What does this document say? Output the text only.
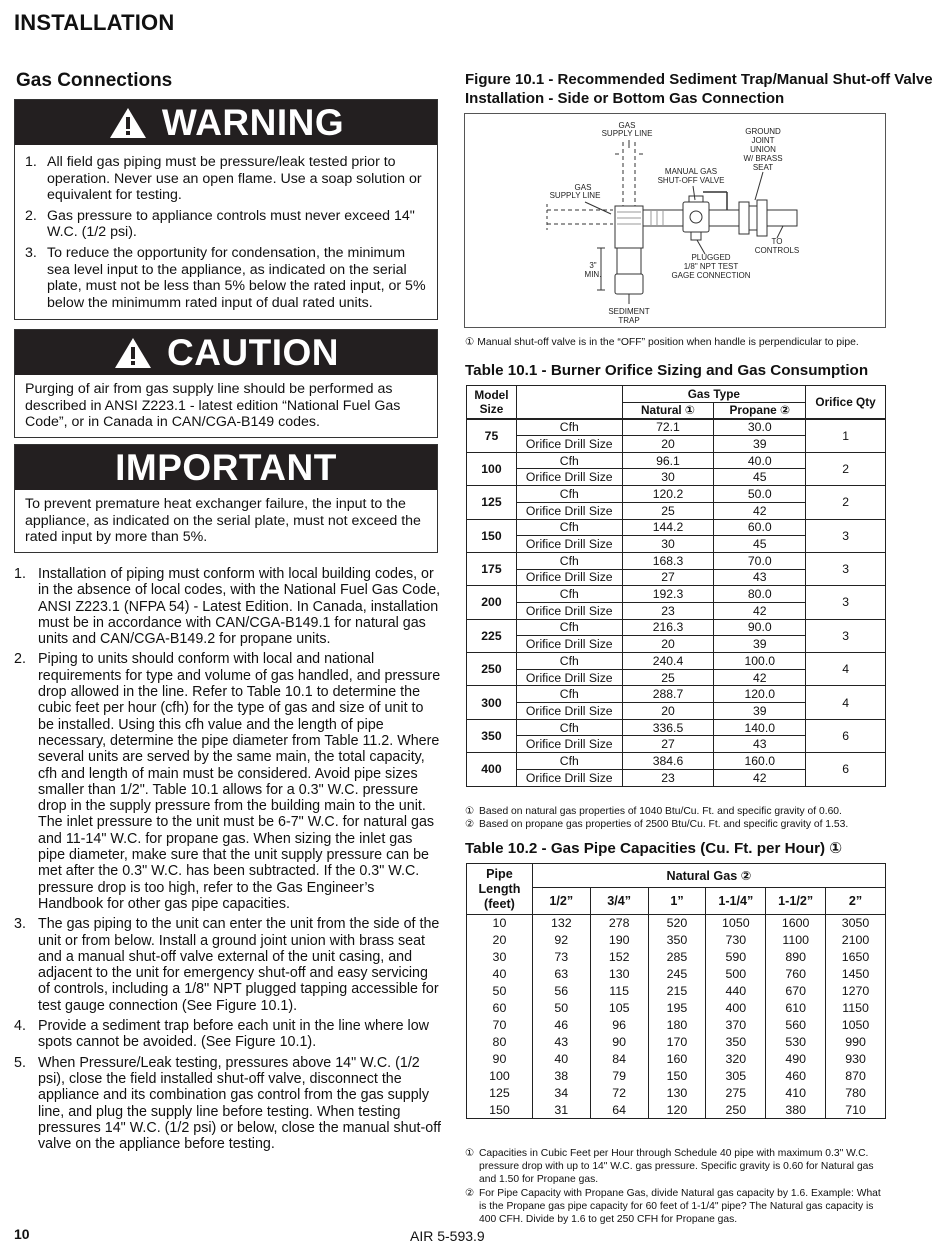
INSTALLATION
Gas Connections
WARNING
1. All field gas piping must be pressure/leak tested prior to operation. Never use an open flame. Use a soap solution or equivalent for testing.
2. Gas pressure to appliance controls must never exceed 14" W.C. (1/2 psi).
3. To reduce the opportunity for condensation, the minimum sea level input to the appliance, as indicated on the serial plate, must not be less than 5% below the rated input, or 5% below the minimumm rated input of dual rated units.
CAUTION
Purging of air from gas supply line should be performed as described in ANSI Z223.1 - latest edition “National Fuel Gas Code”, or in Canada in CAN/CGA-B149 codes.
IMPORTANT
To prevent premature heat exchanger failure, the input to the appliance, as indicated on the serial plate, must not exceed the rated input by more than 5%.
1. Installation of piping must conform with local building codes, or in the absence of local codes, with the National Fuel Gas Code, ANSI Z223.1 (NFPA 54) - Latest Edition. In Canada, installation must be in accordance with CAN/CGA-B149.1 for natural gas units and CAN/CGA-B149.2 for propane units.
2. Piping to units should conform with local and national requirements for type and volume of gas handled, and pressure drop allowed in the line. Refer to Table 10.1 to determine the cubic feet per hour (cfh) for the type of gas and size of unit to be installed. Using this cfh value and the length of pipe necessary, determine the pipe diameter from Table 11.2. Where several units are served by the same main, the total capacity, cfh and length of main must be considered. Avoid pipe sizes smaller than 1/2". Table 10.1 allows for a 0.3" W.C. pressure drop in the supply pressure from the building main to the unit. The inlet pressure to the unit must be 6-7" W.C. for natural gas and 11-14" W.C. for propane gas. When sizing the inlet gas pipe diameter, make sure that the unit supply pressure can be met after the 0.3" W.C. has been subtracted. If the 0.3" W.C. pressure drop is too high, refer to the Gas Engineer’s Handbook for other gas pipe capacities.
3. The gas piping to the unit can enter the unit from the side of the unit or from below. Install a ground joint union with brass seat and a manual shut-off valve external of the unit casing, and adjacent to the unit for emergency shut-off and easy servicing of controls, including a 1/8" NPT plugged tapping accessible for test gauge connection (See Figure 10.1).
4. Provide a sediment trap before each unit in the line where low spots cannot be avoided. (See Figure 10.1).
5. When Pressure/Leak testing, pressures above 14" W.C. (1/2 psi), close the field installed shut-off valve, disconnect the appliance and its combination gas control from the gas supply line, and plug the supply line before testing. When testing pressures 14" W.C. (1/2 psi) or below, close the manual shut-off valve on the appliance before testing.
Figure 10.1 - Recommended Sediment Trap/Manual Shut-off Valve Installation - Side or Bottom Gas Connection
GAS
SUPPLY LINE
GAS
SUPPLY LINE
GROUND
JOINT
UNION
W/ BRASS
SEAT
MANUAL GAS
SHUT-OFF VALVE
TO
CONTROLS
PLUGGED
1/8" NPT TEST
GAGE CONNECTION
3"
MIN.
SEDIMENT
TRAP
① Manual shut-off valve is in the “OFF” position when handle is perpendicular to pipe.
Table 10.1 - Burner Orifice Sizing and Gas Consumption
Model
Size		Gas Type		Orifice Qty
		Natural ①	Propane ②	
75	Cfh	72.1	30.0	1
	Orifice Drill Size	20	39	
100	Cfh	96.1	40.0	2
	Orifice Drill Size	30	45	
125	Cfh	120.2	50.0	2
	Orifice Drill Size	25	42	
150	Cfh	144.2	60.0	3
	Orifice Drill Size	30	45	
175	Cfh	168.3	70.0	3
	Orifice Drill Size	27	43	
200	Cfh	192.3	80.0	3
	Orifice Drill Size	23	42	
225	Cfh	216.3	90.0	3
	Orifice Drill Size	20	39	
250	Cfh	240.4	100.0	4
	Orifice Drill Size	25	42	
300	Cfh	288.7	120.0	4
	Orifice Drill Size	20	39	
350	Cfh	336.5	140.0	6
	Orifice Drill Size	27	43	
400	Cfh	384.6	160.0	6
	Orifice Drill Size	23	42	
① Based on natural gas properties of 1040 Btu/Cu. Ft. and specific gravity of 0.60.
② Based on propane gas properties of 2500 Btu/Cu. Ft. and specific gravity of 1.53.
Table 10.2 - Gas Pipe Capacities (Cu. Ft. per Hour) ①
Pipe
Length
(feet)	Natural Gas ②					
	1/2”	3/4”	1”	1-1/4”	1-1/2”	2”
10	132	278	520	1050	1600	3050
20	92	190	350	730	1100	2100
30	73	152	285	590	890	1650
40	63	130	245	500	760	1450
50	56	115	215	440	670	1270
60	50	105	195	400	610	1150
70	46	96	180	370	560	1050
80	43	90	170	350	530	990
90	40	84	160	320	490	930
100	38	79	150	305	460	870
125	34	72	130	275	410	780
150	31	64	120	250	380	710
① Capacities in Cubic Feet per Hour through Schedule 40 pipe with maximum 0.3" W.C. pressure drop with up to 14" W.C. gas pressure. Specific gravity is 0.60 for Natural gas and 1.50 for Propane gas.
② For Pipe Capacity with Propane Gas, divide Natural gas capacity by 1.6. Example: What is the Propane gas pipe capacity for 60 feet of 1-1/4" pipe? The Natural gas capacity is 400 CFH. Divide by 1.6 to get 250 CFH for Propane gas.
10	AIR 5-593.9
